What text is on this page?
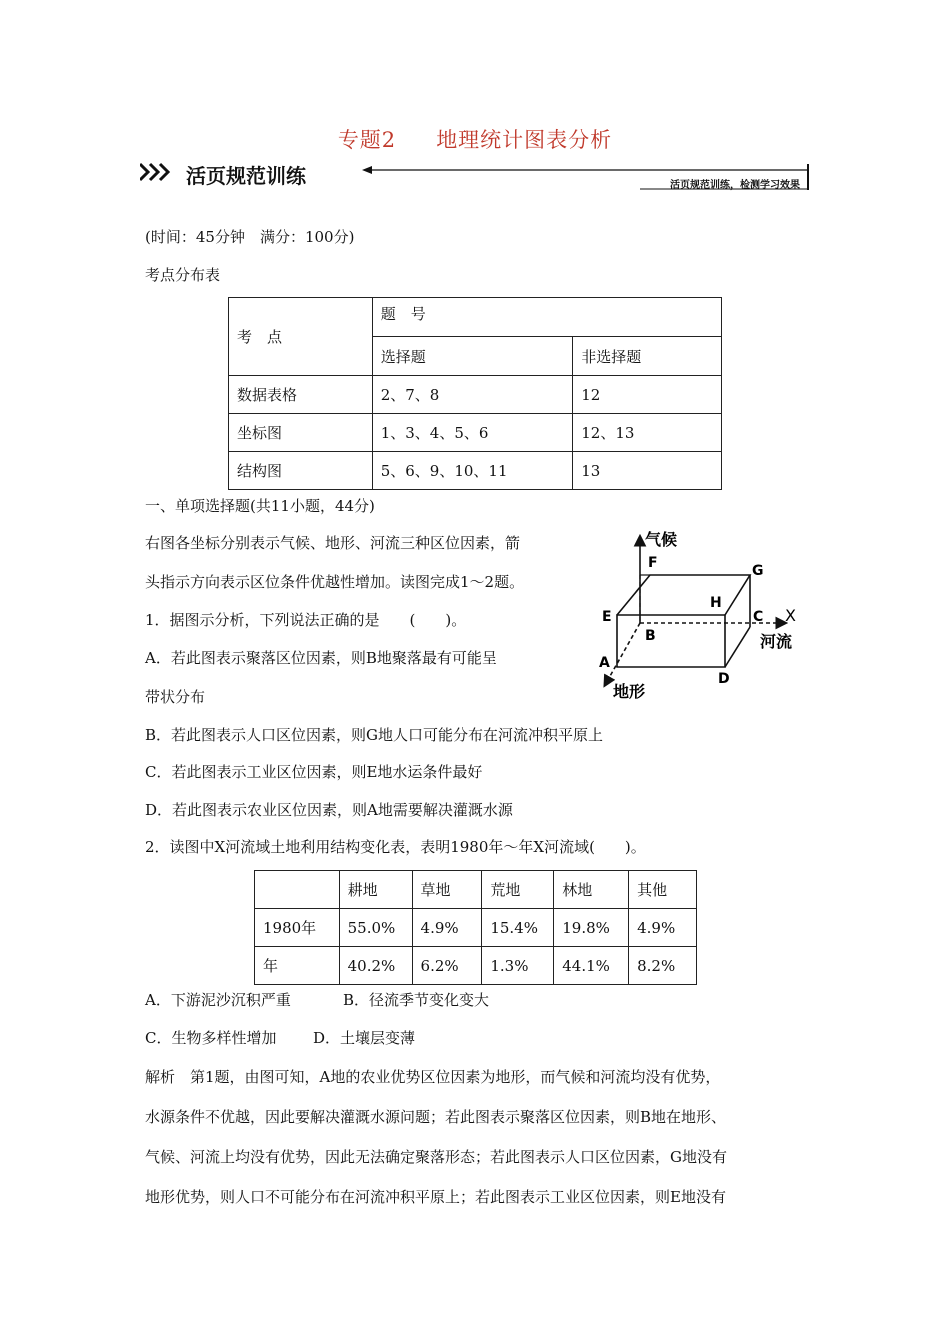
专题2 地理统计图表分析
活页规范训练	活页规范训练，检测学习效果
(时间：45分钟　满分：100分)
考点分布表
考　点	题　号	
	选择题	非选择题
数据表格	2、7、8	12
坐标图	1、3、4、5、6	12、13
结构图	5、6、9、10、11	13
一、单项选择题(共11小题，44分)
右图各坐标分别表示气候、地形、河流三种区位因素，箭
头指示方向表示区位条件优越性增加。读图完成1～2题。
1．据图示分析，下列说法正确的是　　(　　)。
A．若此图表示聚落区位因素，则B地聚落最有可能呈
带状分布
B．若此图表示人口区位因素，则G地人口可能分布在河流冲积平原上
C．若此图表示工业区位因素，则E地水运条件最好
D．若此图表示农业区位因素，则A地需要解决灌溉水源
2．读图中X河流域土地利用结构变化表，表明1980年～年X河流域(　　)。
气候
河流
地形
X
A
B
C
D
E
F	G
H
	耕地	草地	荒地	林地	其他
1980年	55.0%	4.9%	15.4%	19.8%	4.9%
年	40.2%	6.2%	1.3%	44.1%	8.2%
A．下游泥沙沉积严重	B．径流季节变化变大
C．生物多样性增加 D．土壤层变薄
解析　第1题，由图可知，A地的农业优势区位因素为地形，而气候和河流均没有优势，
水源条件不优越，因此要解决灌溉水源问题；若此图表示聚落区位因素，则B地在地形、
气候、河流上均没有优势，因此无法确定聚落形态；若此图表示人口区位因素，G地没有
地形优势，则人口不可能分布在河流冲积平原上；若此图表示工业区位因素，则E地没有
